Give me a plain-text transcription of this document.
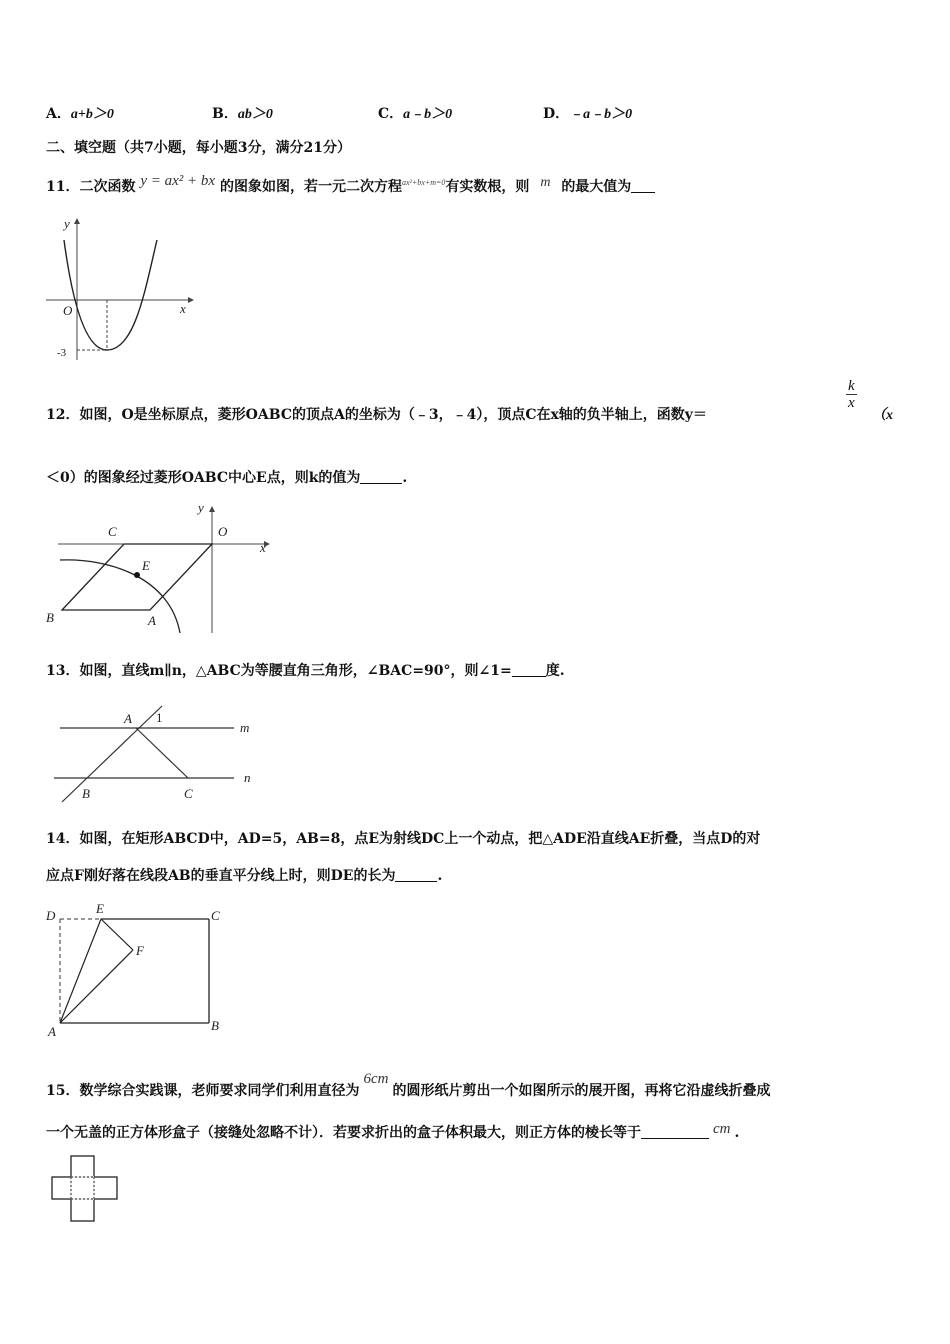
A．a+b＞0	B．ab＞0	C．a﹣b＞0	D．﹣a﹣b＞0
二、填空题（共7小题，每小题3分，满分21分）
11．二次函数 y = ax² + bx 的图象如图，若一元二次方程$^{ax^2+bx+m=0}$有实数根，则 m 的最大值为
y
x
O
-3
12．如图，O是坐标原点，菱形OABC的顶点A的坐标为（﹣3，﹣4），顶点C在x轴的负半轴上，函数y＝
$\frac{k}{x}$
（x
＜0）的图象经过菱形OABC中心E点，则k的值为	.
C
y
O
x
E
B	A
13．如图，直线m∥n，△ABC为等腰直角三角形，∠BAC=90°，则∠1= 度.
A 1
m
n
B	C
14．如图，在矩形ABCD中，AD=5，AB=8，点E为射线DC上一个动点，把△ADE沿直线AE折叠，当点D的对
应点F刚好落在线段AB的垂直平分线上时，则DE的长为	.
D	E	C
F
A	B
15．数学综合实践课，老师要求同学们利用直径为6cm的圆形纸片剪出一个如图所示的展开图，再将它沿虚线折叠成
一个无盖的正方体形盒子（接缝处忽略不计）．若要求折出的盒子体积最大，则正方体的棱长等于	cm .
